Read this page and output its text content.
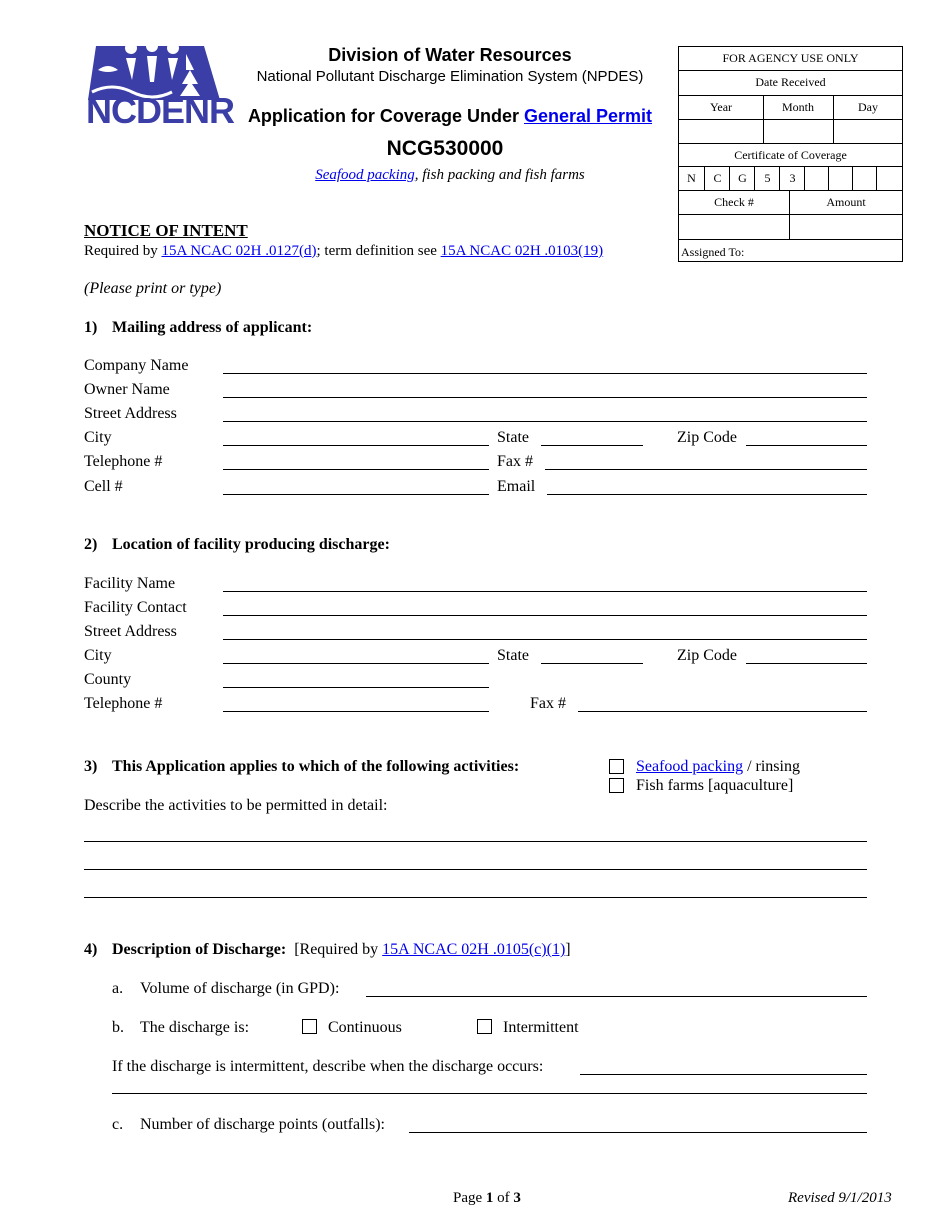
NCDENR
Division of Water Resources
National Pollutant Discharge Elimination System (NPDES)
Application for Coverage Under General Permit
NCG530000
Seafood packing, fish packing and fish farms
FOR AGENCY USE ONLY
Date Received
Year	Month	Day
Certificate of Coverage
N	C	G	5	3
Check #	Amount
Assigned To:
NOTICE OF INTENT
Required by 15A NCAC 02H .0127(d); term definition see 15A NCAC 02H .0103(19)
(Please print or type)
1) Mailing address of applicant:
Company Name
Owner Name
Street Address
City	State	Zip Code
Telephone #	Fax #
Cell #	Email
2) Location of facility producing discharge:
Facility Name
Facility Contact
Street Address
City	State	Zip Code
County
Telephone #	Fax #
3) This Application applies to which of the following activities:	Seafood packing / rinsing
Fish farms [aquaculture]
Describe the activities to be permitted in detail:
4) Description of Discharge: [Required by 15A NCAC 02H .0105(c)(1)]
a. Volume of discharge (in GPD):
b. The discharge is:	Continuous	Intermittent
If the discharge is intermittent, describe when the discharge occurs:
c. Number of discharge points (outfalls):
Page 1 of 3	Revised 9/1/2013
